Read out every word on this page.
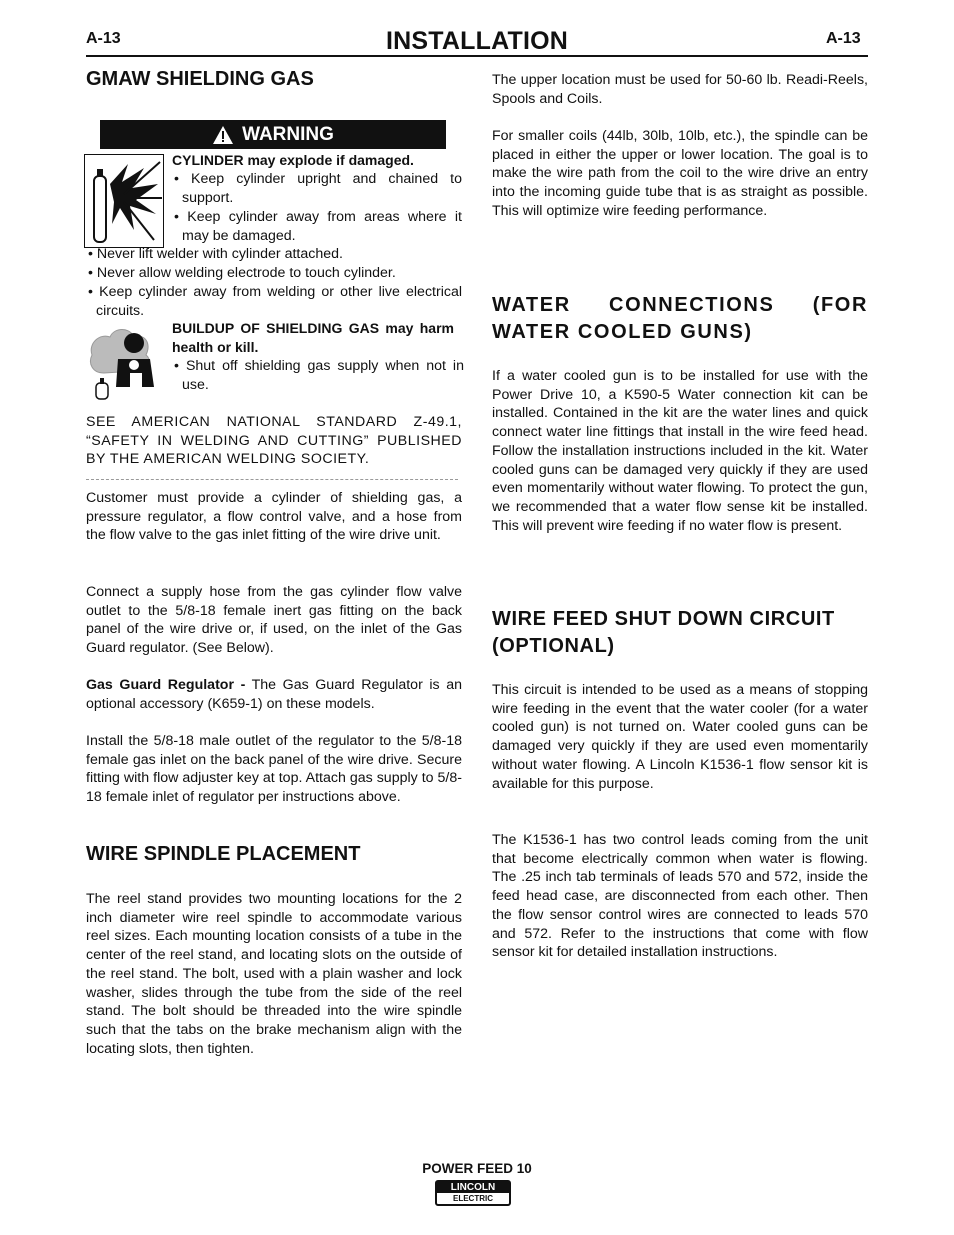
A-13	INSTALLATION	A-13
GMAW SHIELDING GAS
WARNING
CYLINDER may explode if damaged.
• Keep cylinder upright and chained to support.
• Keep cylinder away from areas where it may be damaged.
• Never lift welder with cylinder attached.
• Never allow welding electrode to touch cylinder.
• Keep cylinder away from welding or other live electrical circuits.
BUILDUP OF SHIELDING GAS may harm health or kill.
• Shut off shielding gas supply when not in use.
SEE AMERICAN NATIONAL STANDARD Z-49.1, “SAFETY IN WELDING AND CUTTING” PUBLISHED BY THE AMERICAN WELDING SOCIETY.
Customer must provide a cylinder of shielding gas, a pressure regulator, a flow control valve, and a hose from the flow valve to the gas inlet fitting of the wire drive unit.
Connect a supply hose from the gas cylinder flow valve outlet to the 5/8-18 female inert gas fitting on the back panel of the wire drive or, if used, on the inlet of the Gas Guard regulator. (See Below).
Gas Guard Regulator - The Gas Guard Regulator is an optional accessory (K659-1) on these models.
Install the 5/8-18 male outlet of the regulator to the 5/8-18 female gas inlet on the back panel of the wire drive. Secure fitting with flow adjuster key at top. Attach gas supply to 5/8-18 female inlet of regulator per instructions above.
WIRE SPINDLE PLACEMENT
The reel stand provides two mounting locations for the 2 inch diameter wire reel spindle to accommodate various reel sizes. Each mounting location consists of a tube in the center of the reel stand, and locating slots on the outside of the reel stand. The bolt, used with a plain washer and lock washer, slides through the tube from the side of the reel stand. The bolt should be threaded into the wire spindle such that the tabs on the brake mechanism align with the locating slots, then tighten.
The upper location must be used for 50-60 lb. Readi-Reels, Spools and Coils.
For smaller coils (44lb, 30lb, 10lb, etc.), the spindle can be placed in either the upper or lower location. The goal is to make the wire path from the coil to the wire drive an entry into the incoming guide tube that is as straight as possible. This will optimize wire feeding performance.
WATER CONNECTIONS (FOR WATER COOLED GUNS)
If a water cooled gun is to be installed for use with the Power Drive 10, a K590-5 Water connection kit can be installed. Contained in the kit are the water lines and quick connect water line fittings that install in the wire feed head. Follow the installation instructions included in the kit. Water cooled guns can be damaged very quickly if they are used even momentarily without water flowing. To protect the gun, we recommended that a water flow sense kit be installed. This will prevent wire feeding if no water flow is present.
WIRE FEED SHUT DOWN CIRCUIT (OPTIONAL)
This circuit is intended to be used as a means of stopping wire feeding in the event that the water cooler (for a water cooled gun) is not turned on. Water cooled guns can be damaged very quickly if they are used even momentarily without water flowing. A Lincoln K1536-1 flow sensor kit is available for this purpose.
The K1536-1 has two control leads coming from the unit that become electrically common when water is flowing. The .25 inch tab terminals of leads 570 and 572, inside the feed head case, are disconnected from each other. Then the flow sensor control wires are connected to leads 570 and 572. Refer to the instructions that come with flow sensor kit for detailed installation instructions.
POWER FEED 10
LINCOLN
ELECTRIC
